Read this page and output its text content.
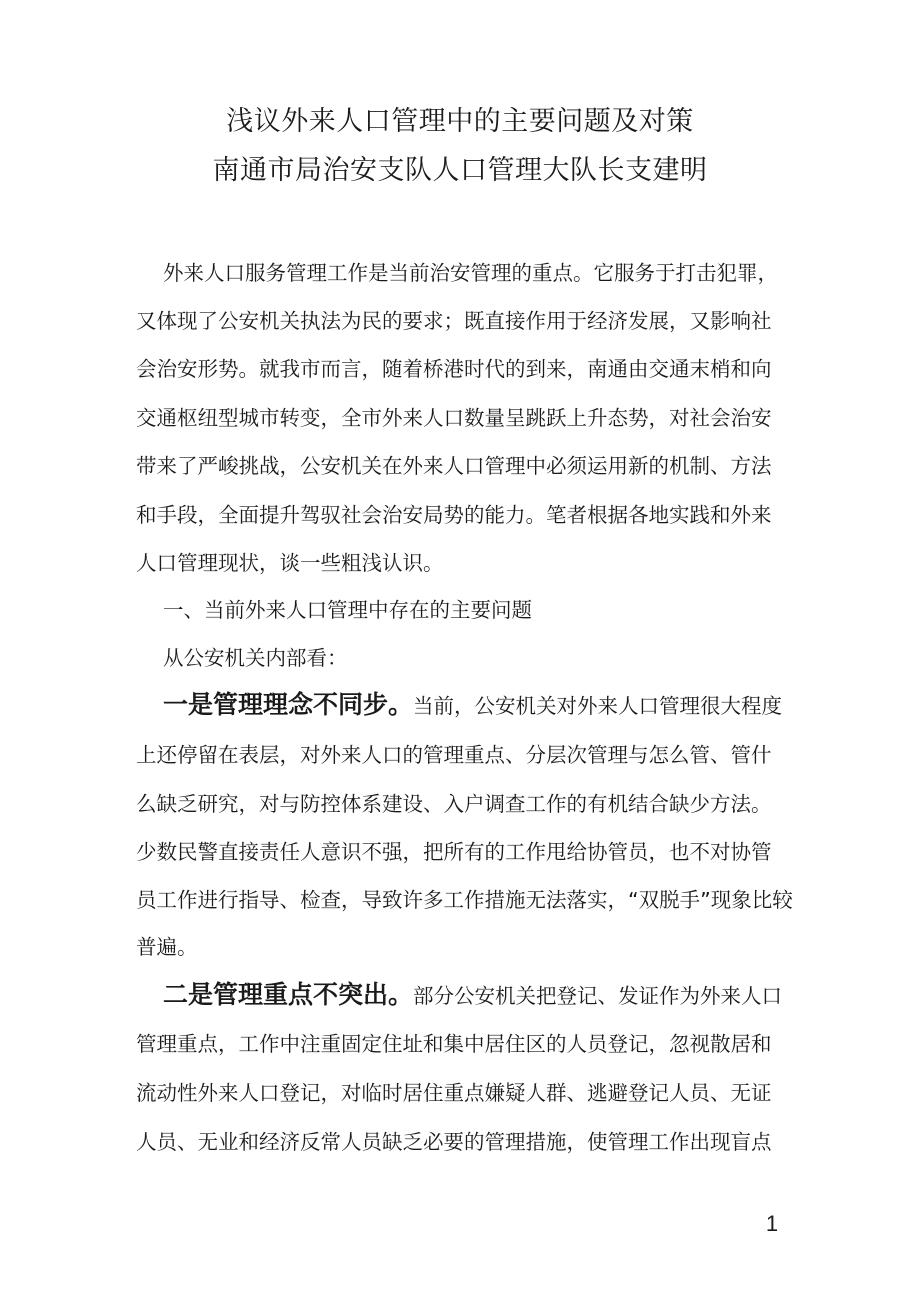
浅议外来人口管理中的主要问题及对策
南通市局治安支队人口管理大队长支建明
外来人口服务管理工作是当前治安管理的重点。它服务于打击犯罪，
又体现了公安机关执法为民的要求；既直接作用于经济发展，又影响社
会治安形势。就我市而言，随着桥港时代的到来，南通由交通末梢和向
交通枢纽型城市转变，全市外来人口数量呈跳跃上升态势，对社会治安
带来了严峻挑战，公安机关在外来人口管理中必须运用新的机制、方法
和手段，全面提升驾驭社会治安局势的能力。笔者根据各地实践和外来
人口管理现状，谈一些粗浅认识。
一、当前外来人口管理中存在的主要问题
从公安机关内部看：
一是管理理念不同步。当前，公安机关对外来人口管理很大程度
上还停留在表层，对外来人口的管理重点、分层次管理与怎么管、管什
么缺乏研究，对与防控体系建设、入户调查工作的有机结合缺少方法。
少数民警直接责任人意识不强，把所有的工作甩给协管员，也不对协管
员工作进行指导、检查，导致许多工作措施无法落实，“双脱手”现象比较
普遍。
二是管理重点不突出。部分公安机关把登记、发证作为外来人口
管理重点，工作中注重固定住址和集中居住区的人员登记，忽视散居和
流动性外来人口登记，对临时居住重点嫌疑人群、逃避登记人员、无证
人员、无业和经济反常人员缺乏必要的管理措施，使管理工作出现盲点
1
